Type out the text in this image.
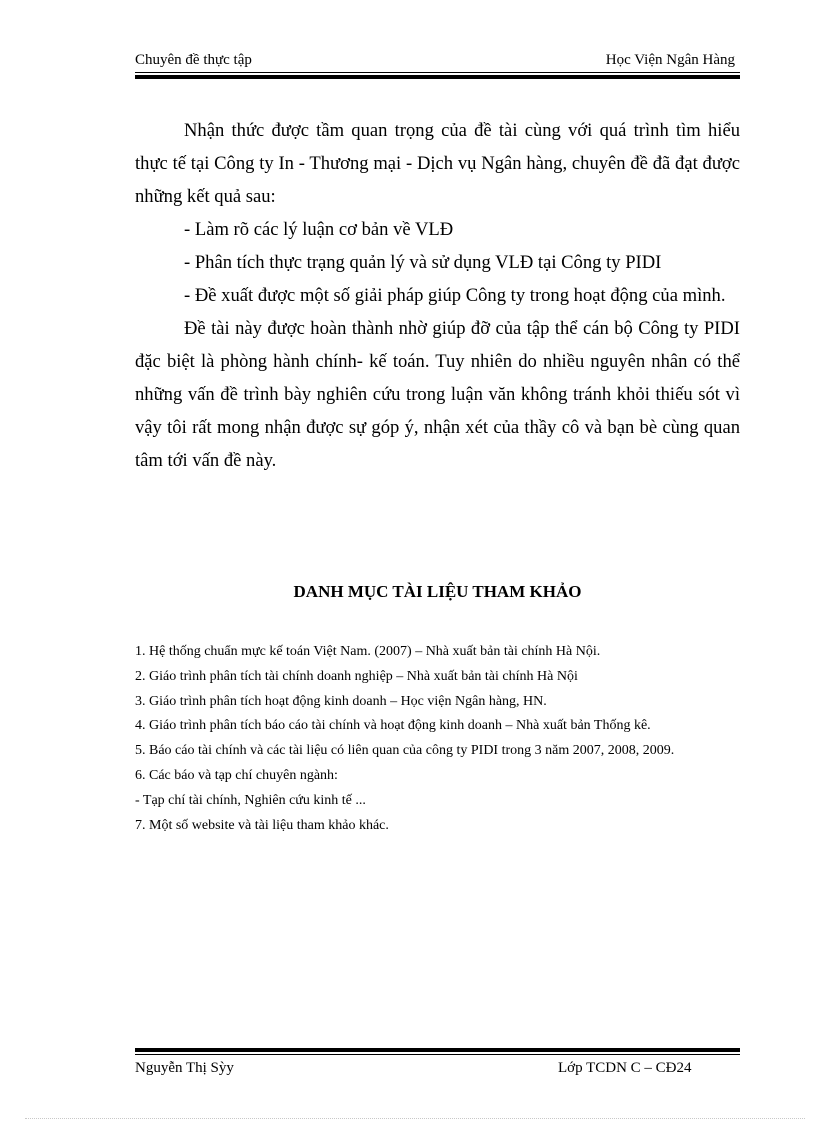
Chuyên đề thực tập	Học Viện Ngân Hàng

Nhận thức được tầm quan trọng của đề tài cùng với quá trình tìm hiểu thực tế tại Công ty In - Thương mại - Dịch vụ Ngân hàng, chuyên đề đã đạt được những kết quả sau:

- Làm rõ các lý luận cơ bản về VLĐ

- Phân tích thực trạng quản lý và sử dụng VLĐ tại Công ty PIDI

- Đề xuất được một số giải pháp giúp Công ty trong hoạt động của mình.

Đề tài này được hoàn thành nhờ giúp đỡ của tập thể cán bộ Công ty PIDI đặc biệt là phòng hành chính- kế toán. Tuy nhiên do nhiều nguyên nhân có thể những vấn đề trình bày nghiên cứu trong luận văn không tránh khỏi thiếu sót vì vậy tôi rất mong nhận được sự góp ý, nhận xét của thầy cô và bạn bè cùng quan tâm tới vấn đề này.

DANH MỤC TÀI LIỆU THAM KHẢO

1. Hệ thống chuẩn mực kế toán Việt Nam. (2007) – Nhà xuất bản tài chính Hà Nội.

2. Giáo trình phân tích tài chính doanh nghiệp – Nhà xuất bản tài chính Hà Nội

3. Giáo trình phân tích hoạt động kinh doanh – Học viện Ngân hàng, HN.

4. Giáo trình phân tích báo cáo tài chính và hoạt động kinh doanh – Nhà xuất bản Thống kê.

5. Báo cáo tài chính và các tài liệu có liên quan của công ty PIDI trong 3 năm 2007, 2008, 2009.

6. Các báo và tạp chí chuyên ngành:

- Tạp chí tài chính, Nghiên cứu kinh tế ...

7. Một số website và tài liệu tham khảo khác.

Nguyễn Thị Sỳy	Lớp TCDN C – CĐ24
